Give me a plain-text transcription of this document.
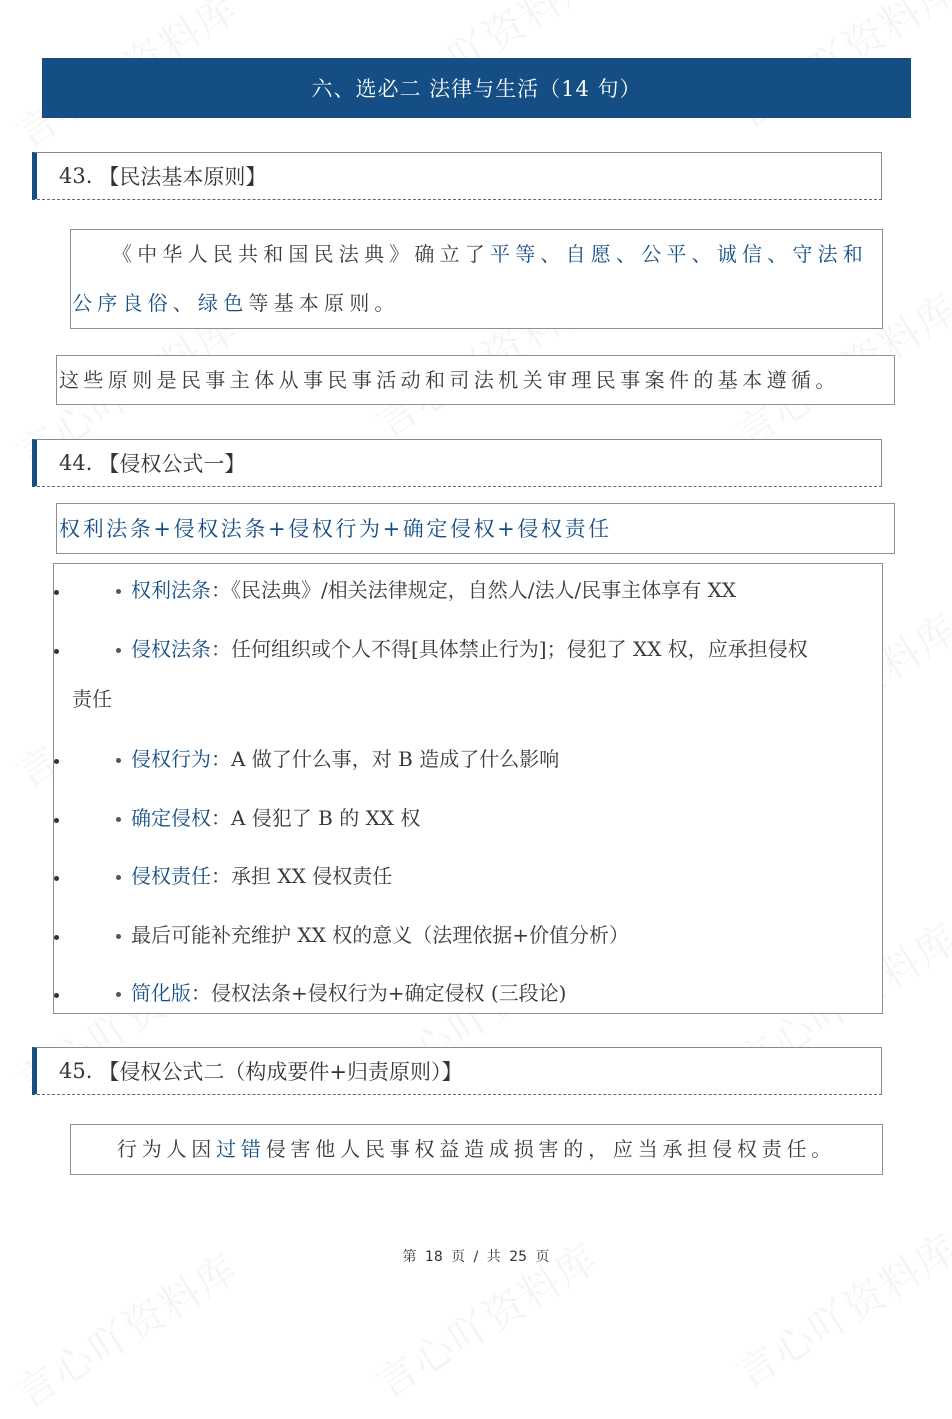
六、选必二 法律与生活（14 句）
43. 【民法基本原则】

《中华人民共和国民法典》确立了平等、自愿、公平、诚信、守法和公序良俗、绿色等基本原则。

这些原则是民事主体从事民事活动和司法机关审理民事案件的基本遵循。

44. 【侵权公式一】

权利法条+侵权法条+侵权行为+确定侵权+侵权责任

权利法条：《民法典》/相关法律规定，自然人/法人/民事主体享有 XX
侵权法条：任何组织或个人不得[具体禁止行为]；侵犯了 XX 权，应承担侵权
责任
侵权行为：A 做了什么事，对 B 造成了什么影响
确定侵权：A 侵犯了 B 的 XX 权
侵权责任：承担 XX 侵权责任
最后可能补充维护 XX 权的意义（法理依据+价值分析）
简化版：侵权法条+侵权行为+确定侵权 (三段论)
45. 【侵权公式二（构成要件+归责原则）】

行为人因过错侵害他人民事权益造成损害的，应当承担侵权责任。

第 18 页 / 共 25 页
